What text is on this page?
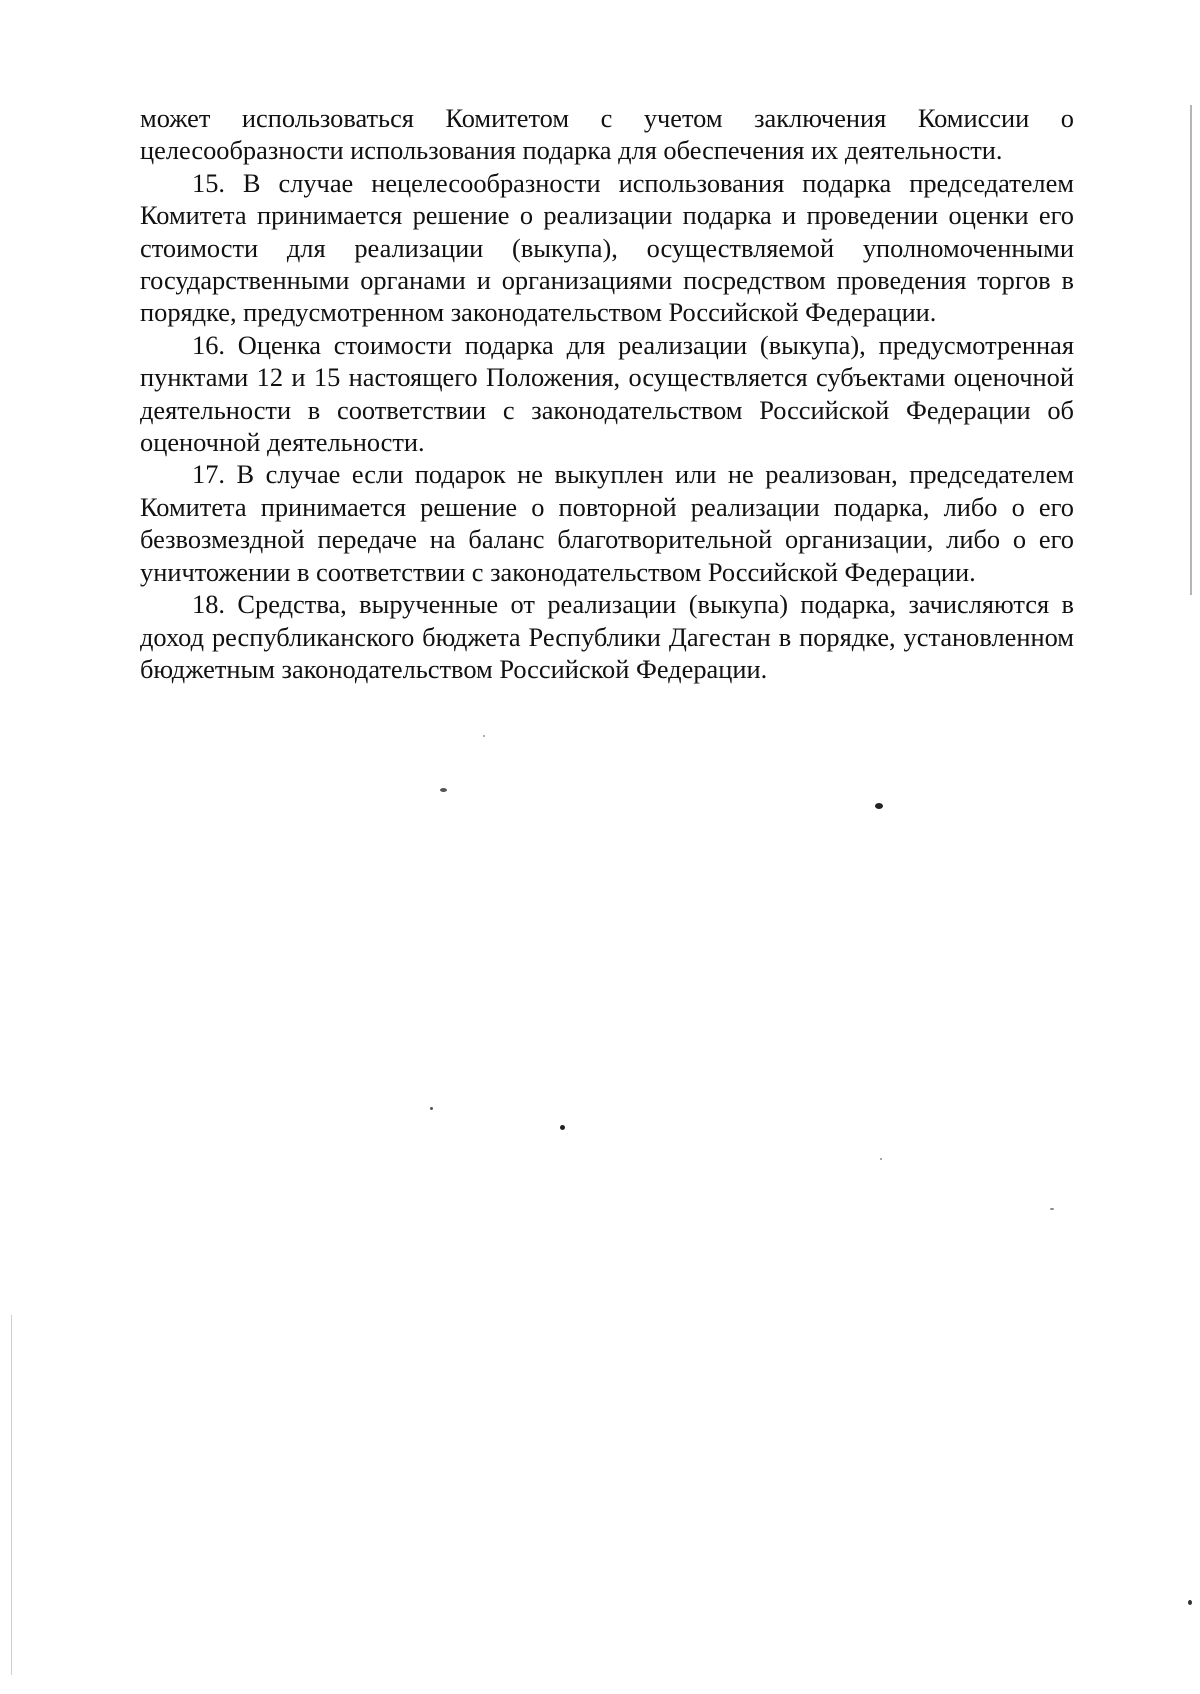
может использоваться Комитетом с учетом заключения Комиссии о целесообразности использования подарка для обеспечения их деятельности.

15. В случае нецелесообразности использования подарка председателем Комитета принимается решение о реализации подарка и проведении оценки его стоимости для реализации (выкупа), осуществляемой уполномоченными государственными органами и организациями посредством проведения торгов в порядке, предусмотренном законодательством Российской Федерации.

16. Оценка стоимости подарка для реализации (выкупа), предусмотренная пунктами 12 и 15 настоящего Положения, осуществляется субъектами оценочной деятельности в соответствии с законодательством Российской Федерации об оценочной деятельности.

17. В случае если подарок не выкуплен или не реализован, председателем Комитета принимается решение о повторной реализации подарка, либо о его безвозмездной передаче на баланс благотворительной организации, либо о его уничтожении в соответствии с законодательством Российской Федерации.

18. Средства, вырученные от реализации (выкупа) подарка, зачисляются в доход республиканского бюджета Республики Дагестан в порядке, установленном бюджетным законодательством Российской Федерации.
